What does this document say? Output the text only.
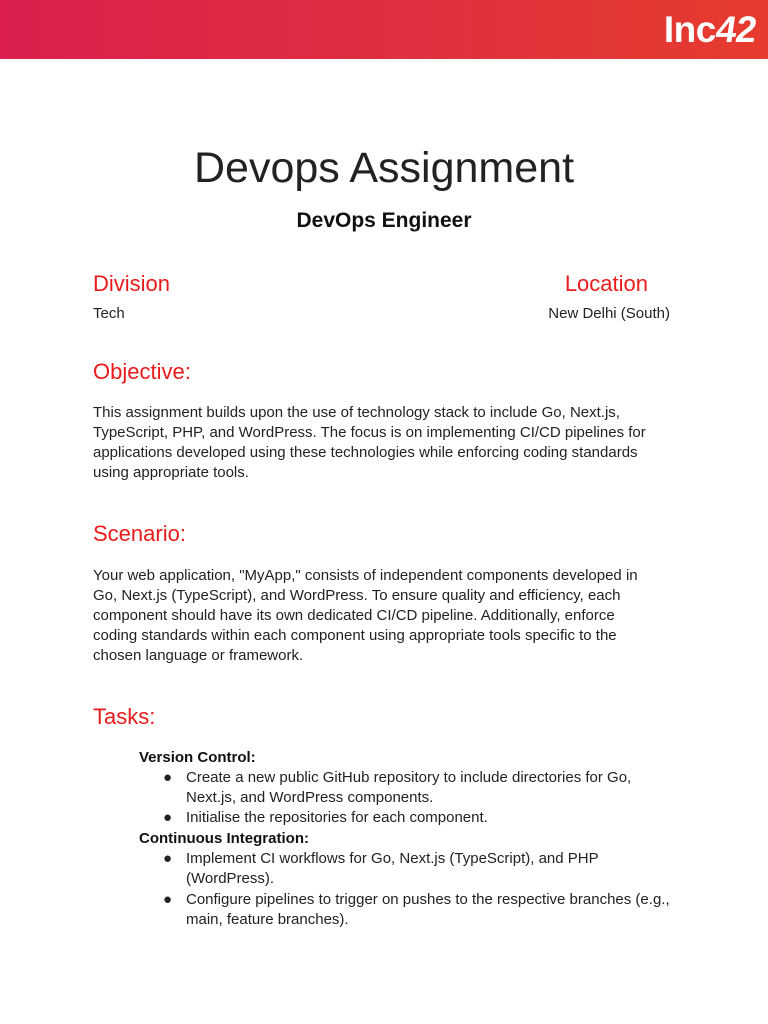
Inc42
Devops Assignment
DevOps Engineer
Division
Tech
Location
New Delhi (South)
Objective:
This assignment builds upon the use of technology stack to include Go, Next.js, TypeScript, PHP, and WordPress. The focus is on implementing CI/CD pipelines for applications developed using these technologies while enforcing coding standards using appropriate tools.
Scenario:
Your web application, "MyApp," consists of independent components developed in Go, Next.js (TypeScript), and WordPress. To ensure quality and efficiency, each component should have its own dedicated CI/CD pipeline. Additionally, enforce coding standards within each component using appropriate tools specific to the chosen language or framework.
Tasks:
Version Control:
● Create a new public GitHub repository to include directories for Go, Next.js, and WordPress components.
● Initialise the repositories for each component.
Continuous Integration:
● Implement CI workflows for Go, Next.js (TypeScript), and PHP (WordPress).
● Configure pipelines to trigger on pushes to the respective branches (e.g., main, feature branches).
